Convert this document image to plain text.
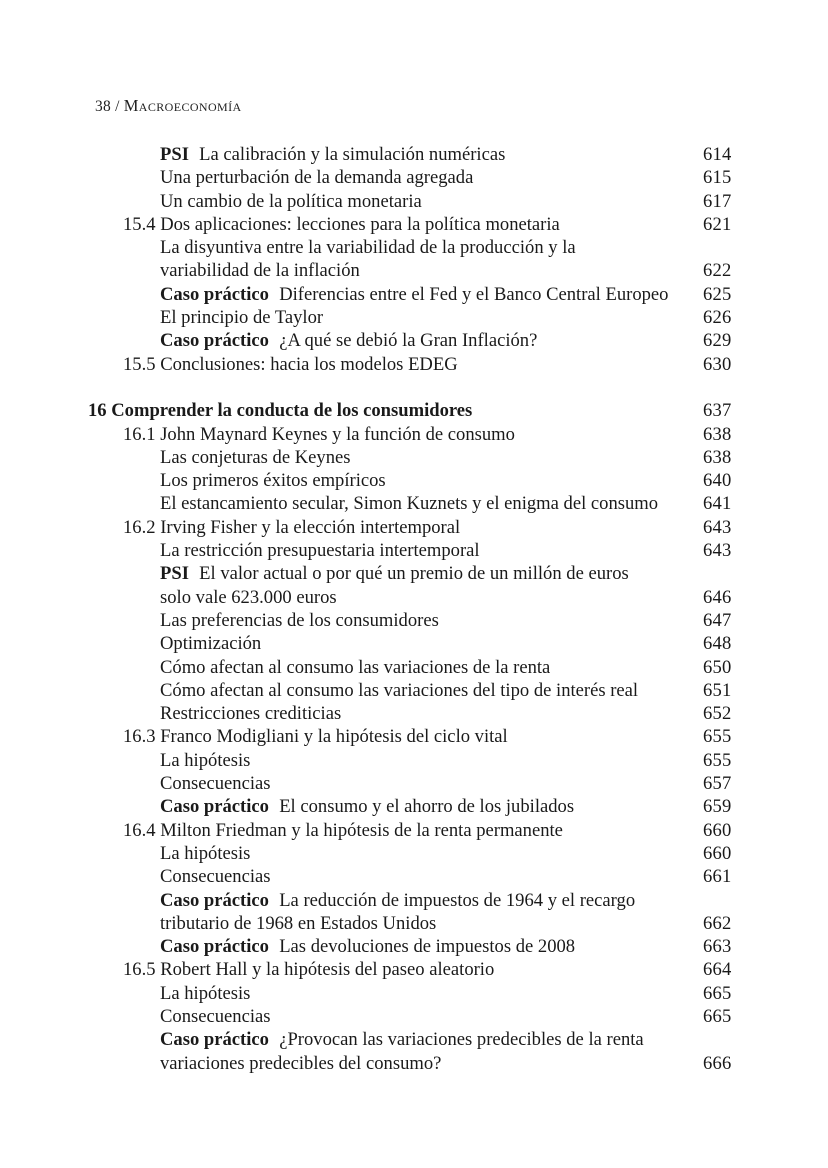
38 / Macroeconomía
PSI La calibración y la simulación numéricas	614
Una perturbación de la demanda agregada	615
Un cambio de la política monetaria	617
15.4 Dos aplicaciones: lecciones para la política monetaria	621
La disyuntiva entre la variabilidad de la producción y la
variabilidad de la inflación	622
Caso práctico Diferencias entre el Fed y el Banco Central Europeo 625
El principio de Taylor	626
Caso práctico ¿A qué se debió la Gran Inflación?	629
15.5 Conclusiones: hacia los modelos EDEG	630
16 Comprender la conducta de los consumidores	637
16.1 John Maynard Keynes y la función de consumo	638
Las conjeturas de Keynes	638
Los primeros éxitos empíricos	640
El estancamiento secular, Simon Kuznets y el enigma del consumo 641
16.2 Irving Fisher y la elección intertemporal	643
La restricción presupuestaria intertemporal	643
PSI El valor actual o por qué un premio de un millón de euros
solo vale 623.000 euros	646
Las preferencias de los consumidores	647
Optimización	648
Cómo afectan al consumo las variaciones de la renta	650
Cómo afectan al consumo las variaciones del tipo de interés real	651
Restricciones crediticias	652
16.3 Franco Modigliani y la hipótesis del ciclo vital	655
La hipótesis	655
Consecuencias	657
Caso práctico El consumo y el ahorro de los jubilados	659
16.4 Milton Friedman y la hipótesis de la renta permanente	660
La hipótesis	660
Consecuencias	661
Caso práctico La reducción de impuestos de 1964 y el recargo
tributario de 1968 en Estados Unidos	662
Caso práctico Las devoluciones de impuestos de 2008	663
16.5 Robert Hall y la hipótesis del paseo aleatorio	664
La hipótesis	665
Consecuencias	665
Caso práctico ¿Provocan las variaciones predecibles de la renta
variaciones predecibles del consumo?	666
